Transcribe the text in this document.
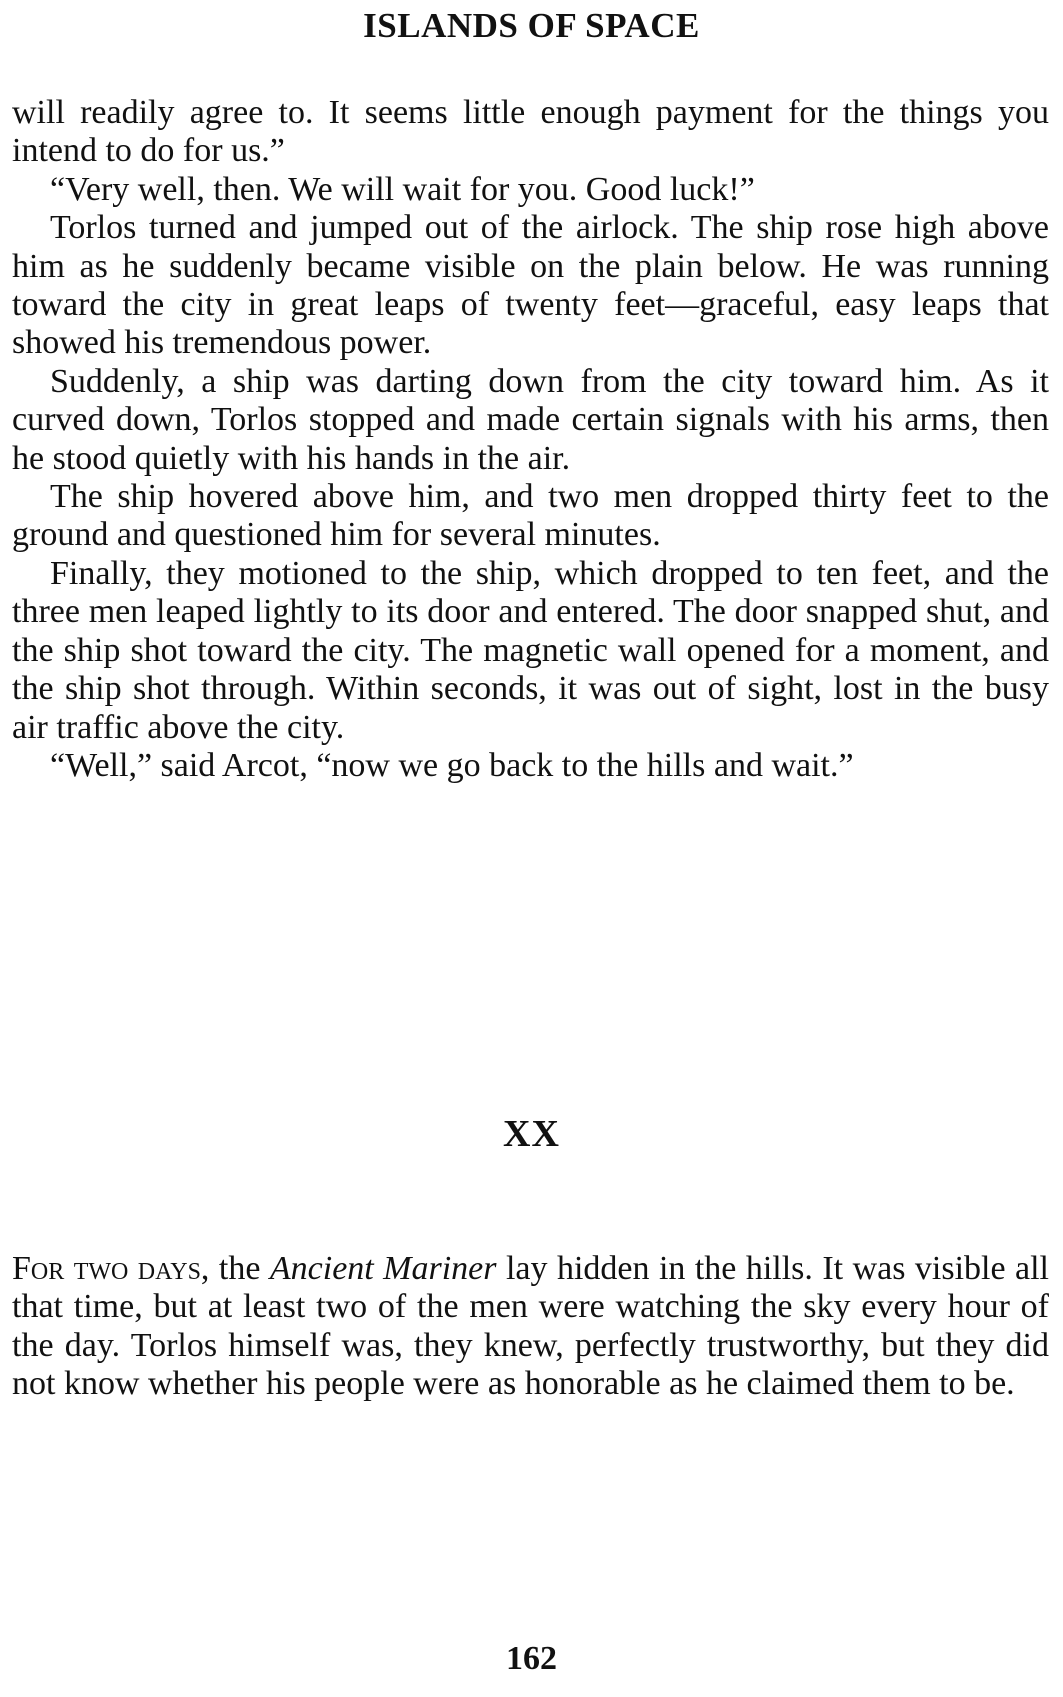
ISLANDS OF SPACE

will readily agree to. It seems little enough payment for the things you intend to do for us.”

“Very well, then. We will wait for you. Good luck!”

Torlos turned and jumped out of the airlock. The ship rose high above him as he suddenly became visible on the plain below. He was running toward the city in great leaps of twenty feet—graceful, easy leaps that showed his tremendous power.

Suddenly, a ship was darting down from the city toward him. As it curved down, Torlos stopped and made certain signals with his arms, then he stood quietly with his hands in the air.

The ship hovered above him, and two men dropped thirty feet to the ground and questioned him for several minutes.

Finally, they motioned to the ship, which dropped to ten feet, and the three men leaped lightly to its door and entered. The door snapped shut, and the ship shot toward the city. The magnetic wall opened for a moment, and the ship shot through. Within seconds, it was out of sight, lost in the busy air traffic above the city.

“Well,” said Arcot, “now we go back to the hills and wait.”

XX

For two days, the Ancient Mariner lay hidden in the hills. It was visible all that time, but at least two of the men were watching the sky every hour of the day. Torlos himself was, they knew, perfectly trustworthy, but they did not know whether his people were as honorable as he claimed them to be.

162
